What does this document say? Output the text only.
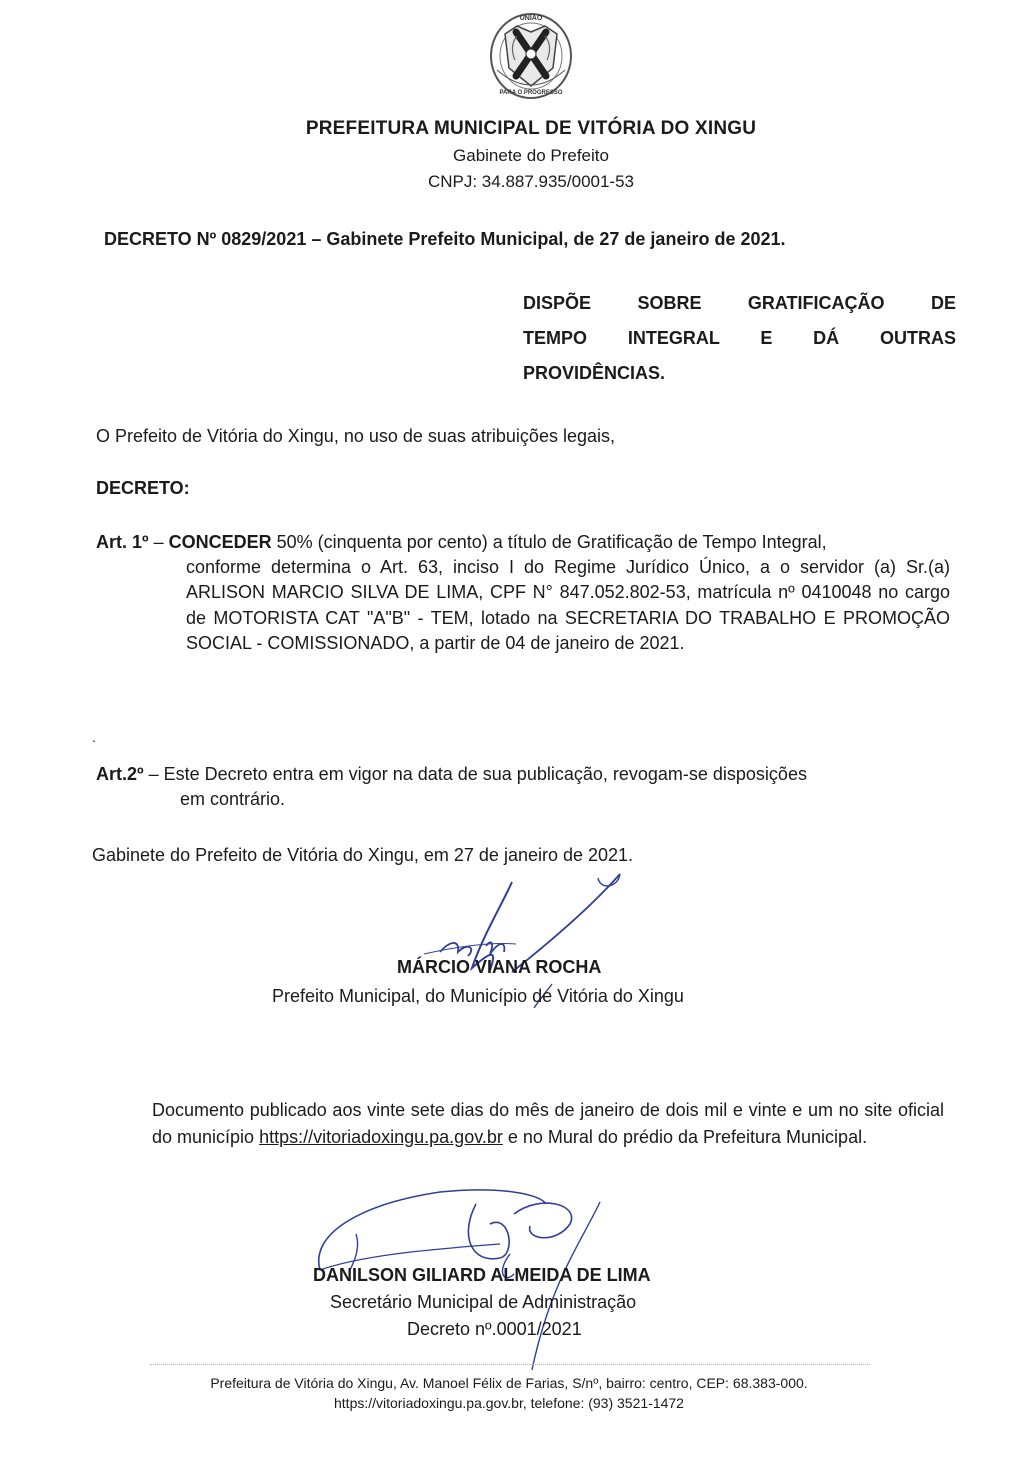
UNIÃO
PARA O PROGRESSO
PREFEITURA MUNICIPAL DE VITÓRIA DO XINGU
Gabinete do Prefeito
CNPJ: 34.887.935/0001-53
DECRETO Nº 0829/2021 – Gabinete Prefeito Municipal, de 27 de janeiro de 2021.
DISPÕE SOBRE GRATIFICAÇÃO DE
TEMPO INTEGRAL E DÁ OUTRAS
PROVIDÊNCIAS.
O Prefeito de Vitória do Xingu, no uso de suas atribuições legais,
DECRETO:
Art. 1º – CONCEDER 50% (cinquenta por cento) a título de Gratificação de Tempo Integral,
conforme determina o Art. 63, inciso I do Regime Jurídico Único, a o servidor (a) Sr.(a) ARLISON MARCIO SILVA DE LIMA, CPF N° 847.052.802-53, matrícula nº 0410048 no cargo de MOTORISTA CAT "A"B" - TEM, lotado na SECRETARIA DO TRABALHO E PROMOÇÃO SOCIAL - COMISSIONADO, a partir de 04 de janeiro de 2021.
.
Art.2º – Este Decreto entra em vigor na data de sua publicação, revogam-se disposições
em contrário.
Gabinete do Prefeito de Vitória do Xingu, em 27 de janeiro de 2021.
MÁRCIO VIANA ROCHA
Prefeito Municipal, do Município de Vitória do Xingu
Documento publicado aos vinte sete dias do mês de janeiro de dois mil e vinte e um no site oficial do município https://vitoriadoxingu.pa.gov.br e no Mural do prédio da Prefeitura Municipal.
DANILSON GILIARD ALMEIDA DE LIMA
Secretário Municipal de Administração
Decreto nº.0001/2021
Prefeitura de Vitória do Xingu, Av. Manoel Félix de Farias, S/nº, bairro: centro, CEP: 68.383-000.
https://vitoriadoxingu.pa.gov.br, telefone: (93) 3521-1472
